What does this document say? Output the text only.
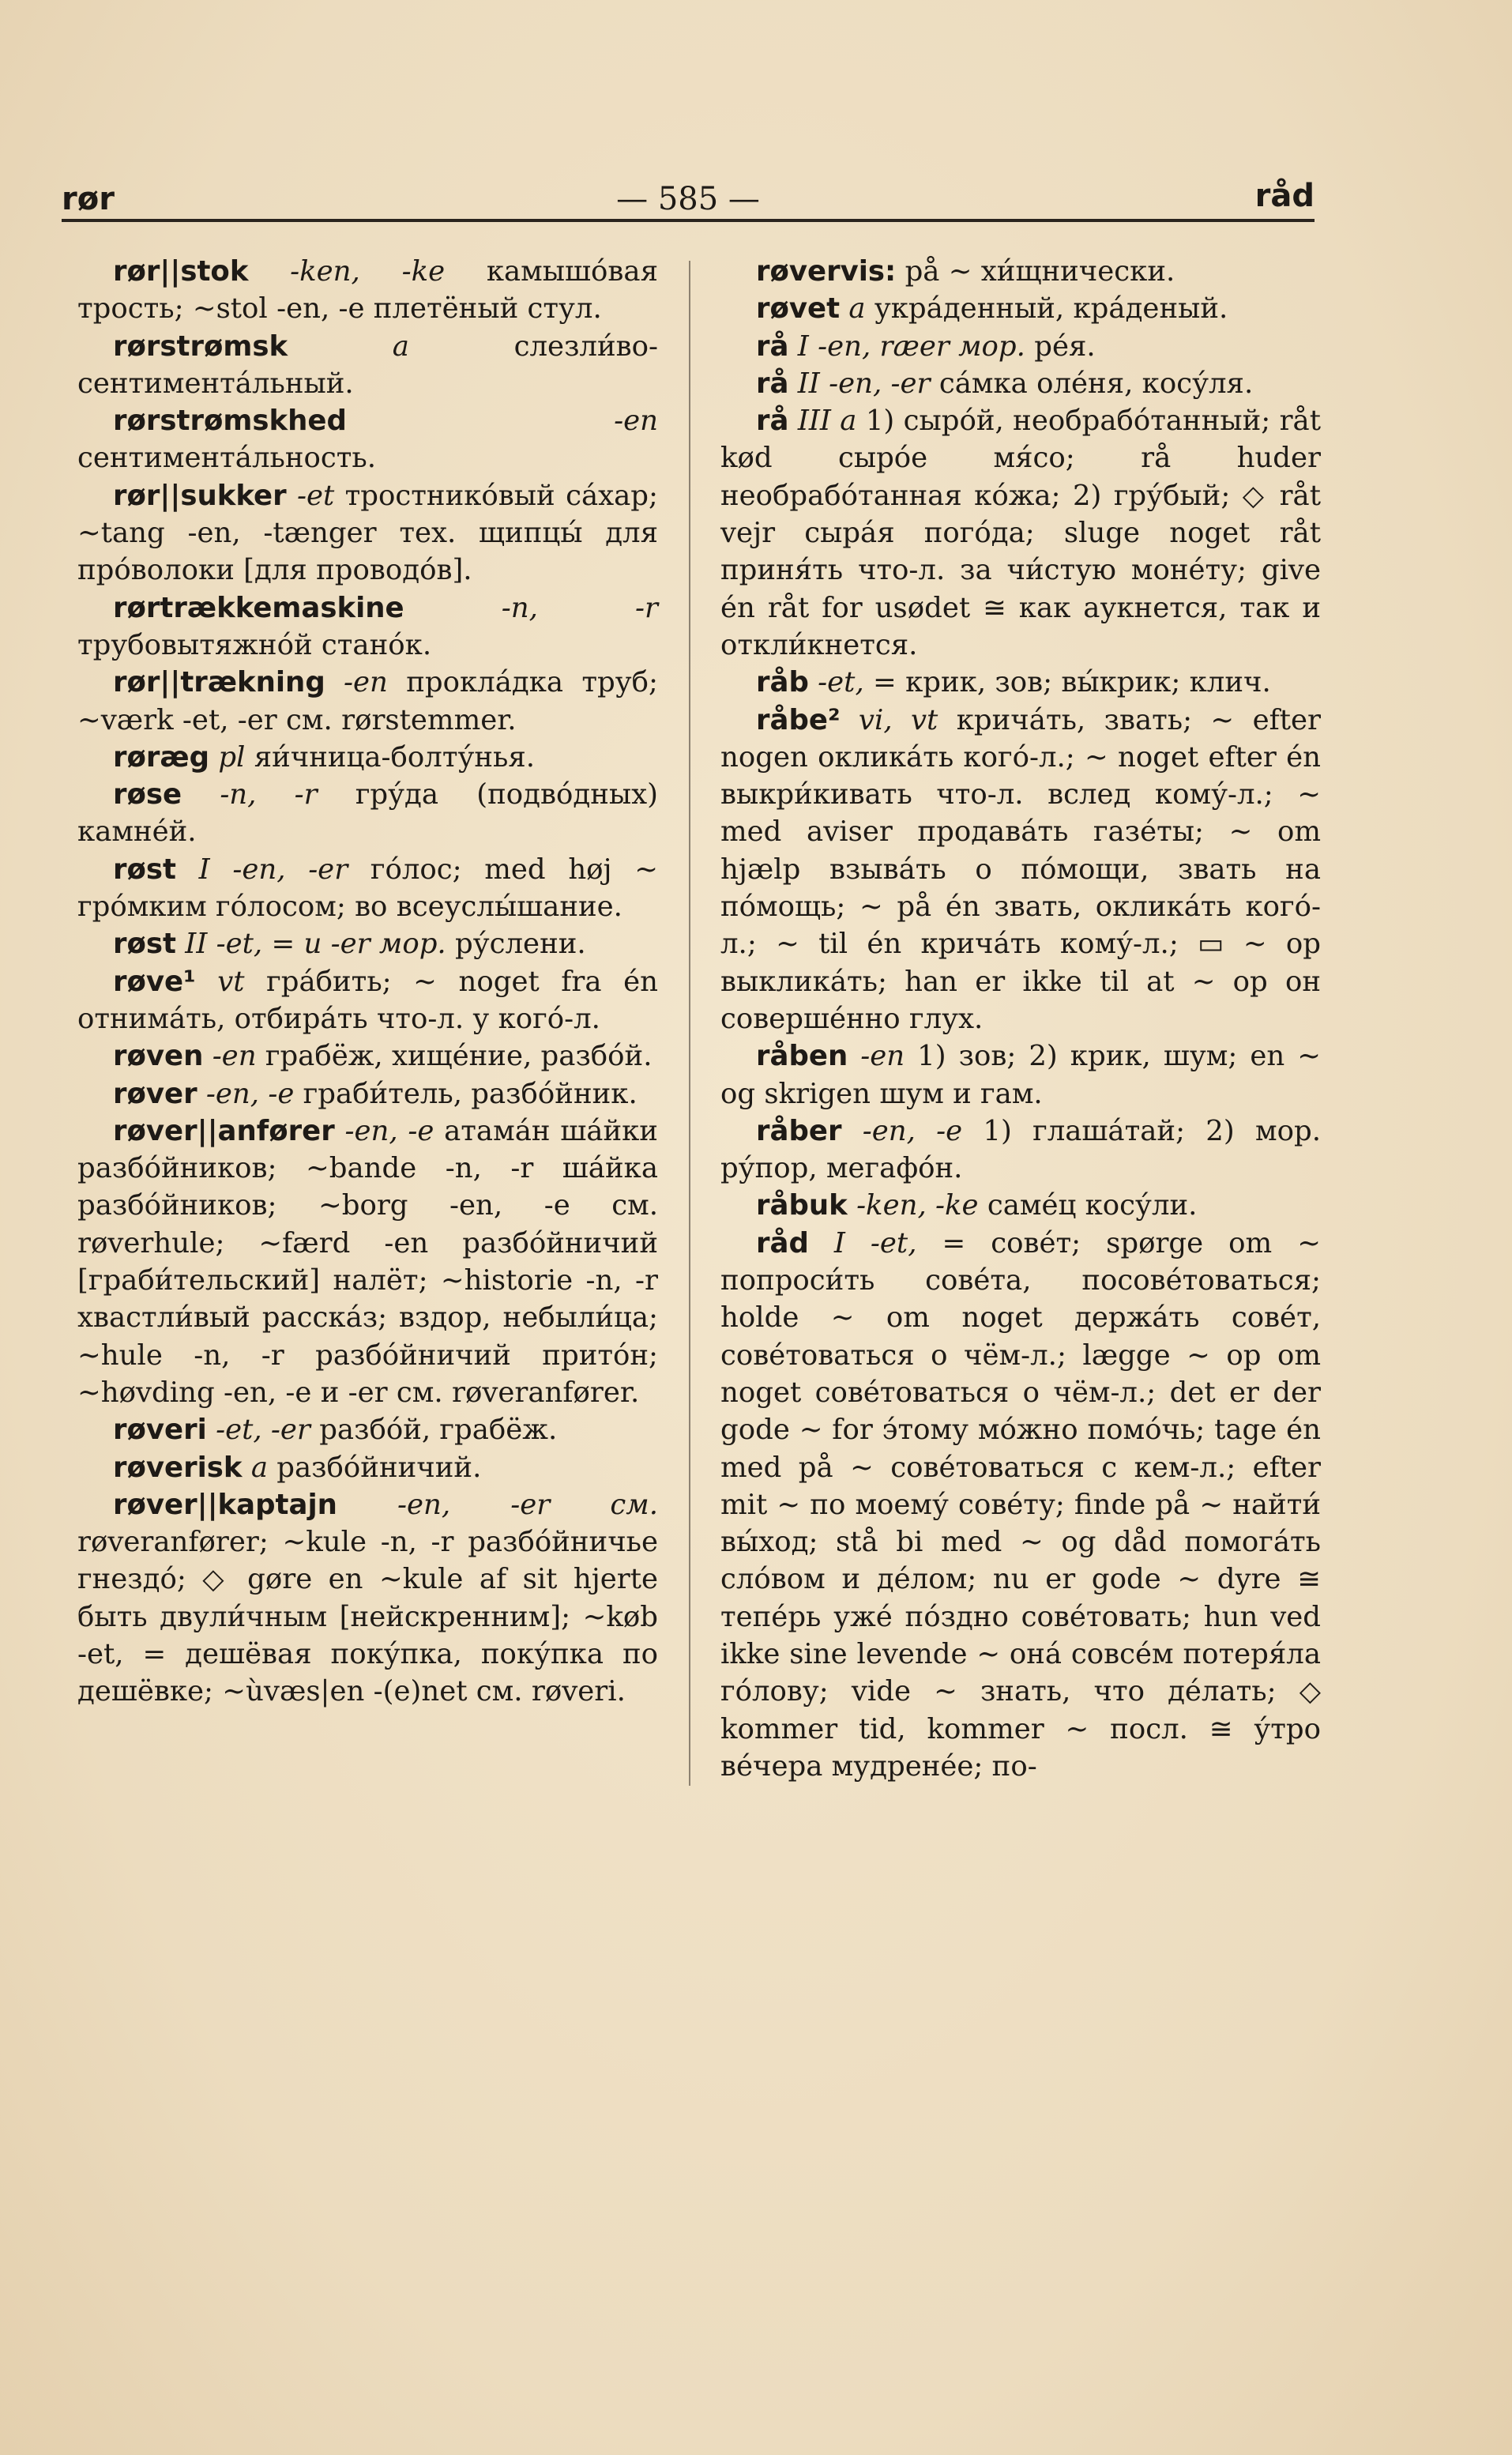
rør	— 585 —	råd

rør||stok -ken, -ke камышо́вая трость; ~stol -en, -e плетёный стул.

rørstrømsk	a	слезли́во-сентимента́льный.

rørstrømskhed	-en сентимента́льность.

rør||sukker -et тростнико́вый са́хар; ~tang -en, -tænger тех. щипцы́ для про́волоки [для проводо́в].

rørtrækkemaskine	-n, -r трубовытяжно́й стано́к.

rør||trækning -en прокла́дка труб; ~værk -et, -er см. rørstemmer.

røræg pl яи́чница-болту́нья.

røse -n, -r гру́да (подво́дных) камне́й.

røst I -en, -er го́лос; med høj ~ гро́мким го́лосом; во всеуслы́шание.

røst II -et, = и -er мор. ру́слени.

røve¹ vt гра́бить; ~ noget fra én отнима́ть, отбира́ть что-л. у кого́-л.

røven -en грабёж, хище́ние, разбо́й.

røver -en, -e граби́тель, разбо́йник.

røver||anfører -en, -e атама́н ша́йки разбо́йников; ~bande -n, -r ша́йка разбо́йников; ~borg -en, -e см. røverhule; ~færd -en разбо́йничий [граби́тельский] налёт; ~historie -n, -r хвастли́вый расска́з; вздор, небыли́ца; ~hule -n, -r разбо́йничий прито́н; ~høvding -en, -e и -er см. røveranfører.

røveri -et, -er разбо́й, грабёж.

røverisk a разбо́йничий.

røver||kaptajn -en, -er см. røveranfører; ~kule -n, -r разбо́йничье гнездо́; ◇ gøre en ~kule af sit hjerte быть двули́чным [нейскренним]; ~køb -et, = дешёвая поку́пка, поку́пка по дешёвке; ~ùvæs|en -(e)net см. røveri.

røvervis: på ~ хи́щнически.

røvet a укра́денный, кра́деный.

rå I -en, ræer мор. ре́я.

rå II -en, -er са́мка оле́ня, косу́ля.

rå III a 1) сыро́й, необрабо́танный; råt kød сыро́е мя́со; rå huder необрабо́танная ко́жа; 2) гру́бый; ◇ råt vejr сыра́я пого́да; sluge noget råt приня́ть что-л. за чи́стую моне́ту; give én råt for usødet ≅ как аукнется, так и откли́кнется.

råb -et, = крик, зов; вы́крик; клич.

råbe² vi, vt крича́ть, звать; ~ efter nogen оклика́ть кого́-л.; ~ noget efter én выкри́кивать что-л. вслед кому́-л.; ~ med aviser продава́ть газе́ты; ~ om hjælp взыва́ть о по́мощи, звать на по́мощь; ~ på én звать, оклика́ть кого́-л.; ~ til én крича́ть кому́-л.; ▭ ~ op выклика́ть; han er ikke til at ~ op он соверше́нно глух.

råben -en 1) зов; 2) крик, шум; en ~ og skrigen шум и гам.

råber -en, -e 1) глаша́тай; 2) мор. ру́пор, мегафо́н.

råbuk -ken, -ke саме́ц косу́ли.

råd I -et, = сове́т; spørge om ~ попроси́ть сове́та, посове́товаться; holde ~ om noget держа́ть сове́т, сове́товаться о чём-л.; lægge ~ op om noget сове́товаться о чём-л.; det er der gode ~ for э́тому мо́жно помо́чь; tage én med på ~ сове́товаться с кем-л.; efter mit ~ по моему́ сове́ту; finde på ~ найти́ вы́ход; stå bi med ~ og dåd помога́ть сло́вом и де́лом; nu er gode ~ dyre ≅ тепе́рь уже́ по́здно сове́товать; hun ved ikke sine levende ~ она́ совсе́м потеря́ла го́лову; vide ~ знать, что де́лать; ◇ kommer tid, kommer ~ посл. ≅ у́тро ве́чера мудрене́е; по-
